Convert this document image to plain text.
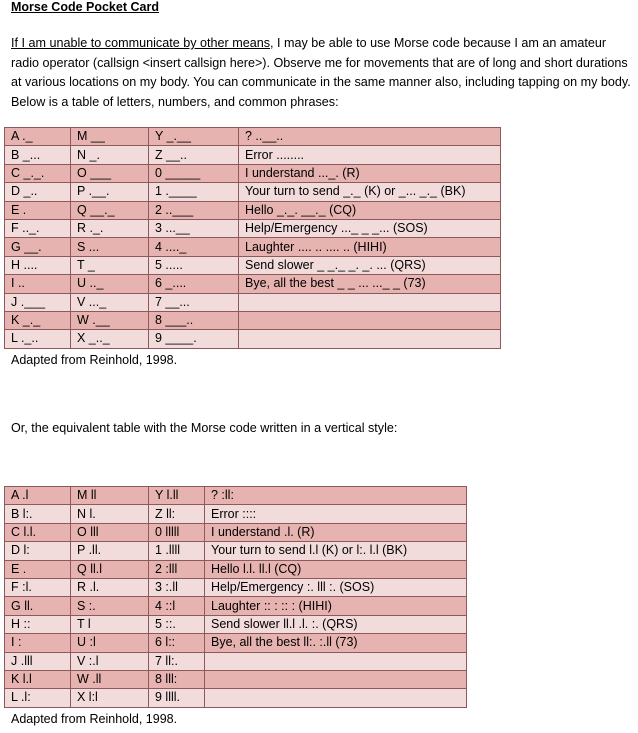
Morse Code Pocket Card
If I am unable to communicate by other means, I may be able to use Morse code because I am an amateur radio operator (callsign <insert callsign here>). Observe me for movements that are of long and short durations at various locations on my body. You can communicate in the same manner also, including tapping on my body. Below is a table of letters, numbers, and common phrases:
A ._	M __	Y _.__	? ..__..
B _...	N _.	Z __..	Error ........
C _._.	O ___	0 _____	I understand ..._. (R)
D _..	P .__.	1 .____	Your turn to send _._ (K) or _... _._ (BK)
E .	Q __._	2 ..___	Hello _._. __._ (CQ)
F .._.	R ._.	3 ...__	Help/Emergency ..._ _ _... (SOS)
G __.	S ...	4 ...._	Laughter .... .. .... .. (HIHI)
H ....	T _	5 .....	Send slower _ _._ _. _. ... (QRS)
I ..	U .._	6 _....	Bye, all the best _ _ ... ..._ _ (73)
J .___	V ..._	7 __...	
K _._	W .__	8 ___..	
L ._..	X _.._	9 ____.	
Adapted from Reinhold, 1998.
Or, the equivalent table with the Morse code written in a vertical style:
A .l	M ll	Y l.ll	? :ll:
B l:.	N l.	Z ll:	Error ::::
C l.l.	O lll	0 lllll	I understand .l. (R)
D l:	P .ll.	1 .llll	Your turn to send l.l (K) or l:. l.l (BK)
E .	Q ll.l	2 :lll	Hello l.l. ll.l (CQ)
F :l.	R .l.	3 :.ll	Help/Emergency :. lll :. (SOS)
G ll.	S :.	4 ::l	Laughter :: : :: : (HIHI)
H ::	T l	5 ::.	Send slower ll.l .l. :. (QRS)
I :	U :l	6 l::	Bye, all the best ll:. :.ll (73)
J .lll	V :.l	7 ll:.	
K l.l	W .ll	8 lll:	
L .l:	X l:l	9 llll.	
Adapted from Reinhold, 1998.
